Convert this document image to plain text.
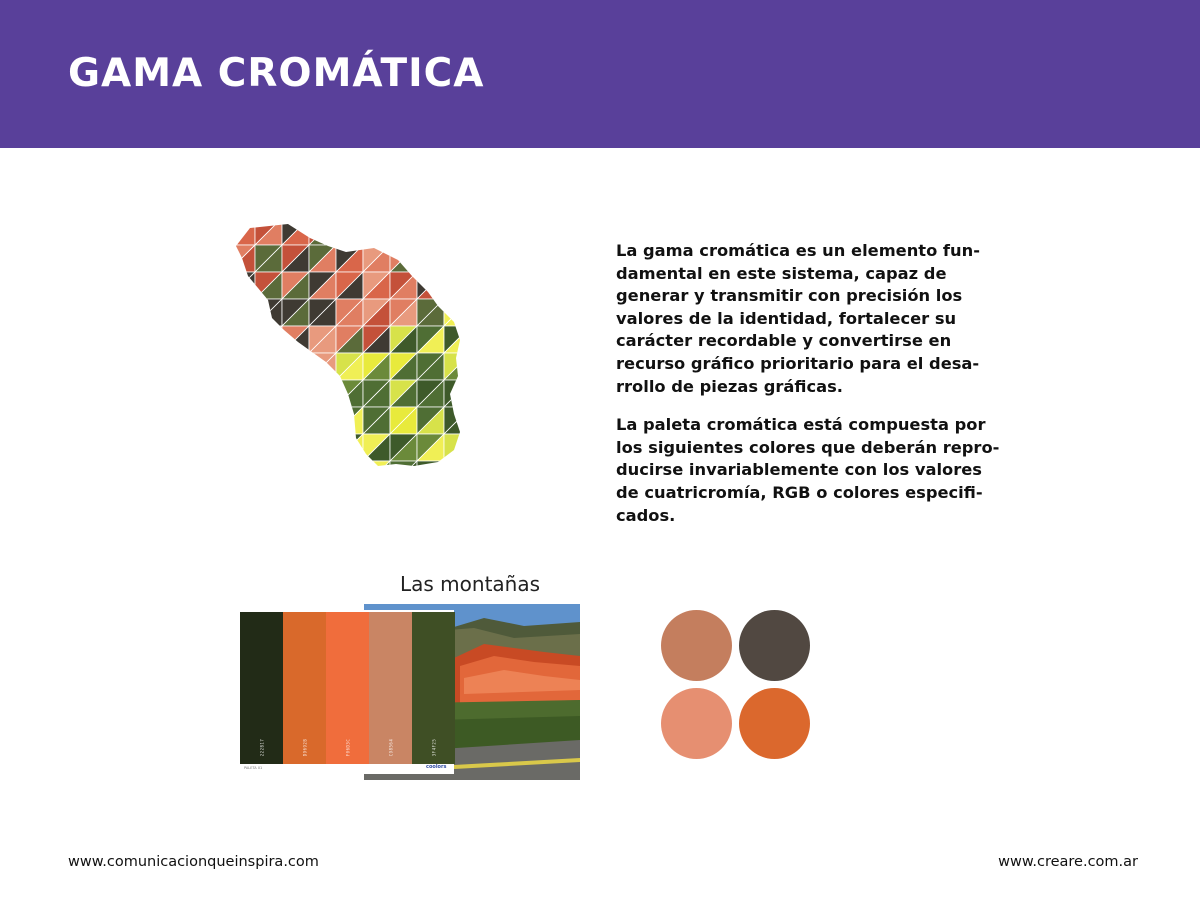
GAMA CROMÁTICA

La gama cromática es un elemento fun-
damental en este sistema, capaz de
generar y transmitir con precisión los
valores de la identidad, fortalecer su
carácter recordable y convertirse en
recurso gráfico prioritario para el desa-
rrollo de piezas gráficas.

La paleta cromática está compuesta por
los siguientes colores que deberán repro-
ducirse invariablemente con los valores
de cuatricromía, RGB o colores especifi-
cados.

Las montañas
222B17	D9692B	F06D3C	C98564	3F4F25
PALETA 01	coolors
www.comunicacionqueinspira.com	www.creare.com.ar
